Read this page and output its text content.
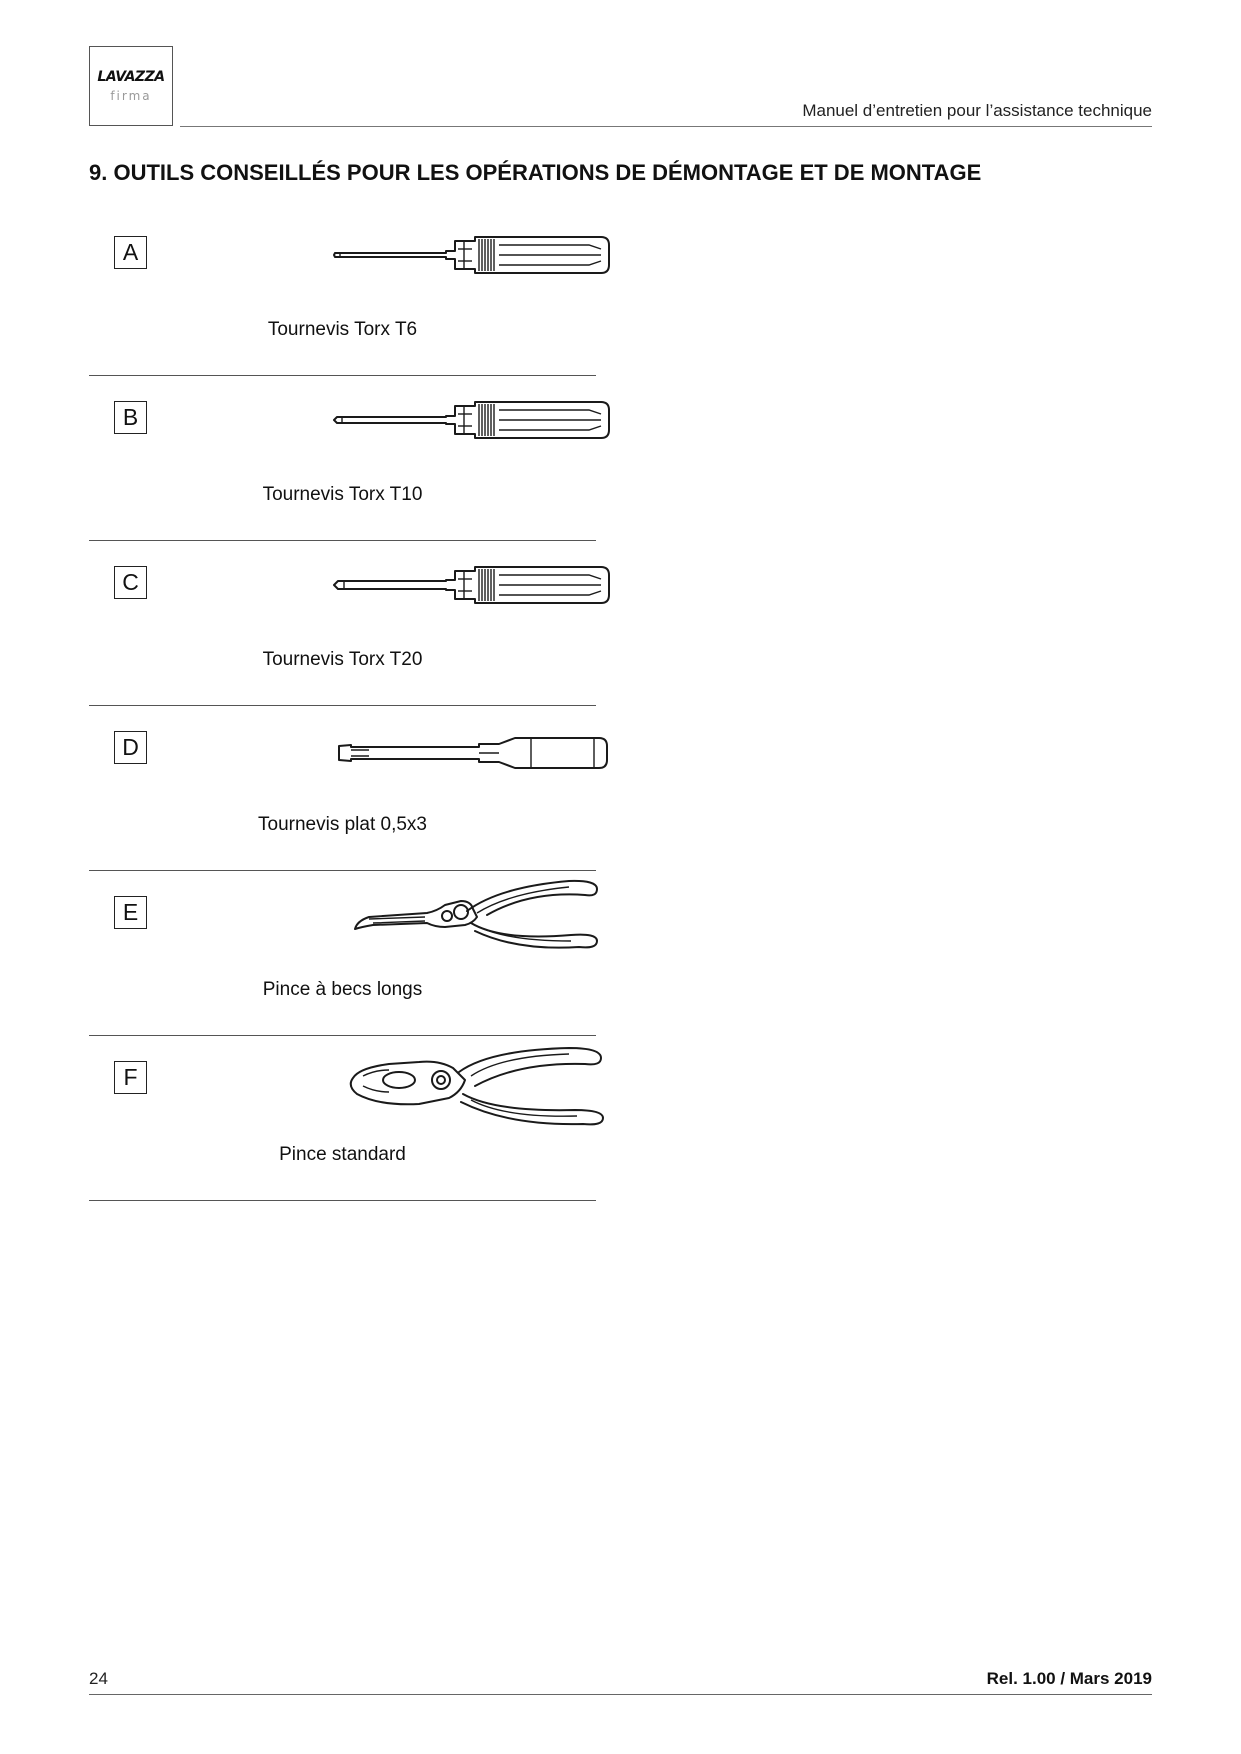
LAVAZZA
firma
Manuel d’entretien pour l’assistance technique
9. OUTILS CONSEILLÉS POUR LES OPÉRATIONS DE DÉMONTAGE ET DE MONTAGE
A
Tournevis Torx T6
B
Tournevis Torx T10
C
Tournevis Torx T20
D
Tournevis plat 0,5x3
E
Pince à becs longs
F
Pince standard
24	Rel. 1.00 / Mars 2019
